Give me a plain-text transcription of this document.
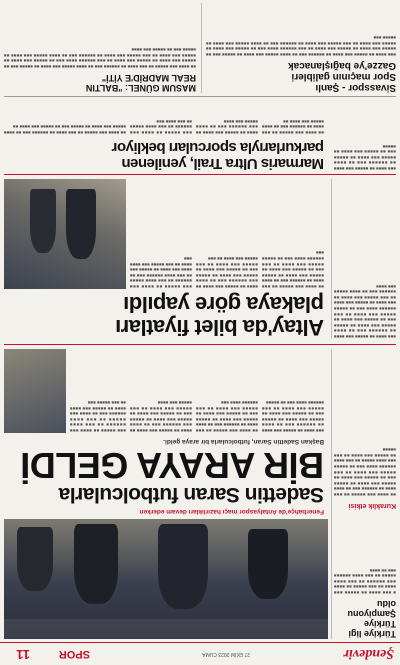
Şendevir
27 EKİM 2023 CUMA
SPOR
11
Türkiye ligi Türkiye Şampiyonu oldu

■ ■■■ ■■■■ ■■ ■■■■■ ■■■ ■■■■ ■■ ■■■ ■■■■■ ■■ ■■■■ ■■■ ■■■■■■ ■■ ■■■ ■■■■ ■■■■■ ■■ ■■■ ■■■■ ■■■■■■ ■■■ ■■ ■■■■

Kuraklık etkisi

■■ ■■■■ ■■■ ■■■■■ ■■ ■■■ ■■■■ ■■ ■■■■■■ ■■■ ■■ ■■■■ ■■■■■ ■■■ ■■■■ ■■ ■■■■■ ■■■ ■■ ■■■■■ ■■■ ■■■■ ■■ ■■■■■ ■■■ ■■■■ ■■ ■■■ ■■■■■■ ■■■■ ■■■ ■■ ■■■■■ ■■■ ■■■■ ■■■■■ ■■ ■■■ ■■■■ ■■ ■■■■■ ■■■ ■■■■ ■■ ■■■ ■■■■■

Fenerbahçe'de Antalyaspor maçı hazırlıkları devam ederken
Sadettin Saran futbolcularla
BİR ARAYA GELDİ
Başkan Sadettin Saran, futbolcularla bir araya geldi.

■■■ ■■■■ ■■ ■■■■■ ■■■ ■■■■ ■■ ■■■■■■ ■■■ ■■ ■■■■ ■■■■■ ■■■ ■■■■ ■■ ■■■■■ ■■■ ■■ ■■■■■ ■■■ ■■■■ ■■ ■■■■■ ■■■ ■■■■ ■■ ■■■ ■■■■■■ ■■■■ ■■■ ■■ ■■■■■

■■ ■■■■ ■■■ ■■■■■ ■■ ■■■ ■■■■ ■■ ■■■■■■ ■■■ ■■ ■■■■ ■■■■■ ■■■ ■■■■ ■■ ■■■■■ ■■■ ■■ ■■■■■ ■■■ ■■■■ ■■ ■■■■■ ■■■ ■■■■ ■■ ■■■ ■■■■■■ ■■■■ ■■■

■■■■ ■■ ■■■■■ ■■■ ■■■■ ■■ ■■■ ■■■■■■ ■■■ ■■ ■■■■ ■■■■■ ■■■ ■■■■ ■■ ■■■■■ ■■■ ■■ ■■■■■ ■■■ ■■■■ ■■ ■■■■■ ■■■ ■■■■ ■■ ■■■ ■■■■■ ■■■ ■■■■

■■■ ■■■■■ ■■ ■■■■ ■■■ ■■■■■■ ■■ ■■■ ■■■■ ■■■■■ ■■ ■■■ ■■■■ ■■■■■■ ■■■ ■■ ■■■■ ■■■ ■■■■ ■■ ■■■■■ ■■■ ■■■■ ■■ ■■■ ■■■■■ ■■■

Altay'da bilet fiyatları
plakaya göre yapıldı

■■■ ■■■■ ■■ ■■■■■ ■■■ ■■■■ ■■ ■■■■■■ ■■■ ■■ ■■■■ ■■■■■ ■■■ ■■■■ ■■ ■■■■■ ■■■ ■■ ■■■■■ ■■■ ■■■■ ■■ ■■■■■ ■■■ ■■■■ ■■ ■■■ ■■■■■■ ■■■■ ■■■ ■■ ■■■■■ ■■■ ■■■■ ■■ ■■■■■ ■■■ ■■■■ ■■ ■■■ ■■■■■ ■■■ ■■■■ ■■ ■■■■■■ ■■■ ■■ ■■■■ ■■■■■ ■■■ ■■■■

■■ ■■■■ ■■■ ■■■■■ ■■ ■■■ ■■■■ ■■ ■■■■■■ ■■■ ■■ ■■■■ ■■■■■ ■■■ ■■■■ ■■ ■■■■■ ■■■ ■■ ■■■■■ ■■■ ■■■■ ■■ ■■■■■ ■■■ ■■■■ ■■ ■■■ ■■■■■■ ■■■■ ■■■ ■■ ■■■■■ ■■■

■■■■ ■■ ■■■■■ ■■■ ■■■■ ■■ ■■■ ■■■■■■ ■■■ ■■ ■■■■ ■■■■■ ■■■ ■■■■ ■■ ■■■■■ ■■■ ■■ ■■■■■ ■■■ ■■■■ ■■ ■■■■■ ■■■ ■■■■ ■■ ■■■ ■■■■■ ■■■ ■■■■ ■■ ■■■

■■■ ■■■■■ ■■ ■■■■ ■■■ ■■■■■■ ■■ ■■■ ■■■■ ■■■■■ ■■ ■■■ ■■■■ ■■■■■■ ■■■ ■■ ■■■■ ■■■ ■■■■ ■■ ■■■■■ ■■■ ■■■■ ■■ ■■■ ■■■■■ ■■■ ■■■■ ■■■

Marmaris Ultra Trail, yenilenen
parkurlarıyla sporcuları bekliyor

■■■ ■■■■ ■■ ■■■■■ ■■■ ■■■■ ■■ ■■■■■■ ■■■ ■■ ■■■■ ■■■■■ ■■■ ■■■■ ■■ ■■■■■ ■■■ ■■ ■■■■■ ■■■ ■■■■ ■■ ■■■■■

■■ ■■■■ ■■■ ■■■■■ ■■ ■■■ ■■■■ ■■ ■■■■■■ ■■■ ■■ ■■■■ ■■■■■ ■■■ ■■■■ ■■

■■■■ ■■ ■■■■■ ■■■ ■■■■ ■■ ■■■ ■■■■■■ ■■■ ■■ ■■■■ ■■■■■ ■■■ ■■■■

■■■ ■■■■■ ■■ ■■■■ ■■■ ■■■■■■ ■■ ■■■ ■■■■ ■■■■■ ■■ ■■■ ■■■■ ■■■

■■ ■■■■ ■■■ ■■■■■ ■■ ■■■ ■■■■ ■■ ■■■■■■ ■■■ ■■ ■■■■ ■■■■■ ■■■ ■■■■ ■■ ■■■■■ ■■■ ■■ ■■■■■ ■■■ ■■■■ ■■

Sivasspor - Şanlı
Spor maçının galibleri
Gazze'ye bağışlanacak

■■■ ■■■■ ■■ ■■■■■ ■■■ ■■■■ ■■ ■■■■■■ ■■■ ■■ ■■■■ ■■■■■ ■■■ ■■■■ ■■ ■■■■■ ■■■ ■■ ■■■■■ ■■■ ■■■■ ■■ ■■■■■ ■■■ ■■■■ ■■ ■■■ ■■■■■■ ■■■■ ■■■ ■■ ■■■■■ ■■■ ■■■■ ■■ ■■■■■ ■■■ ■■■■ ■■ ■■■ ■■■■■ ■■■ ■■■■ ■■ ■■■■■■ ■■■ ■■ ■■■■ ■■■■■ ■■■ ■■■■ ■■ ■■■■■ ■■■

MASUM GÜNEL: "BALTIN
REAL MADRİD'E YİTİ"

■■ ■■■■ ■■■ ■■■■■ ■■ ■■■ ■■■■ ■■ ■■■■■■ ■■■ ■■ ■■■■ ■■■■■ ■■■ ■■■■ ■■ ■■■■■ ■■■ ■■ ■■■■■ ■■■ ■■■■ ■■ ■■■■■ ■■■ ■■■■ ■■ ■■■ ■■■■■■ ■■■■ ■■■ ■■ ■■■■■ ■■■ ■■■■ ■■ ■■■■■ ■■■ ■■■■ ■■ ■■■ ■■■■■ ■■■ ■■■■ ■■ ■■■■■■ ■■■ ■■ ■■■■ ■■■■■ ■■■ ■■■■ ■■ ■■■■■ ■■■ ■■ ■■■■■ ■■■ ■■■■
